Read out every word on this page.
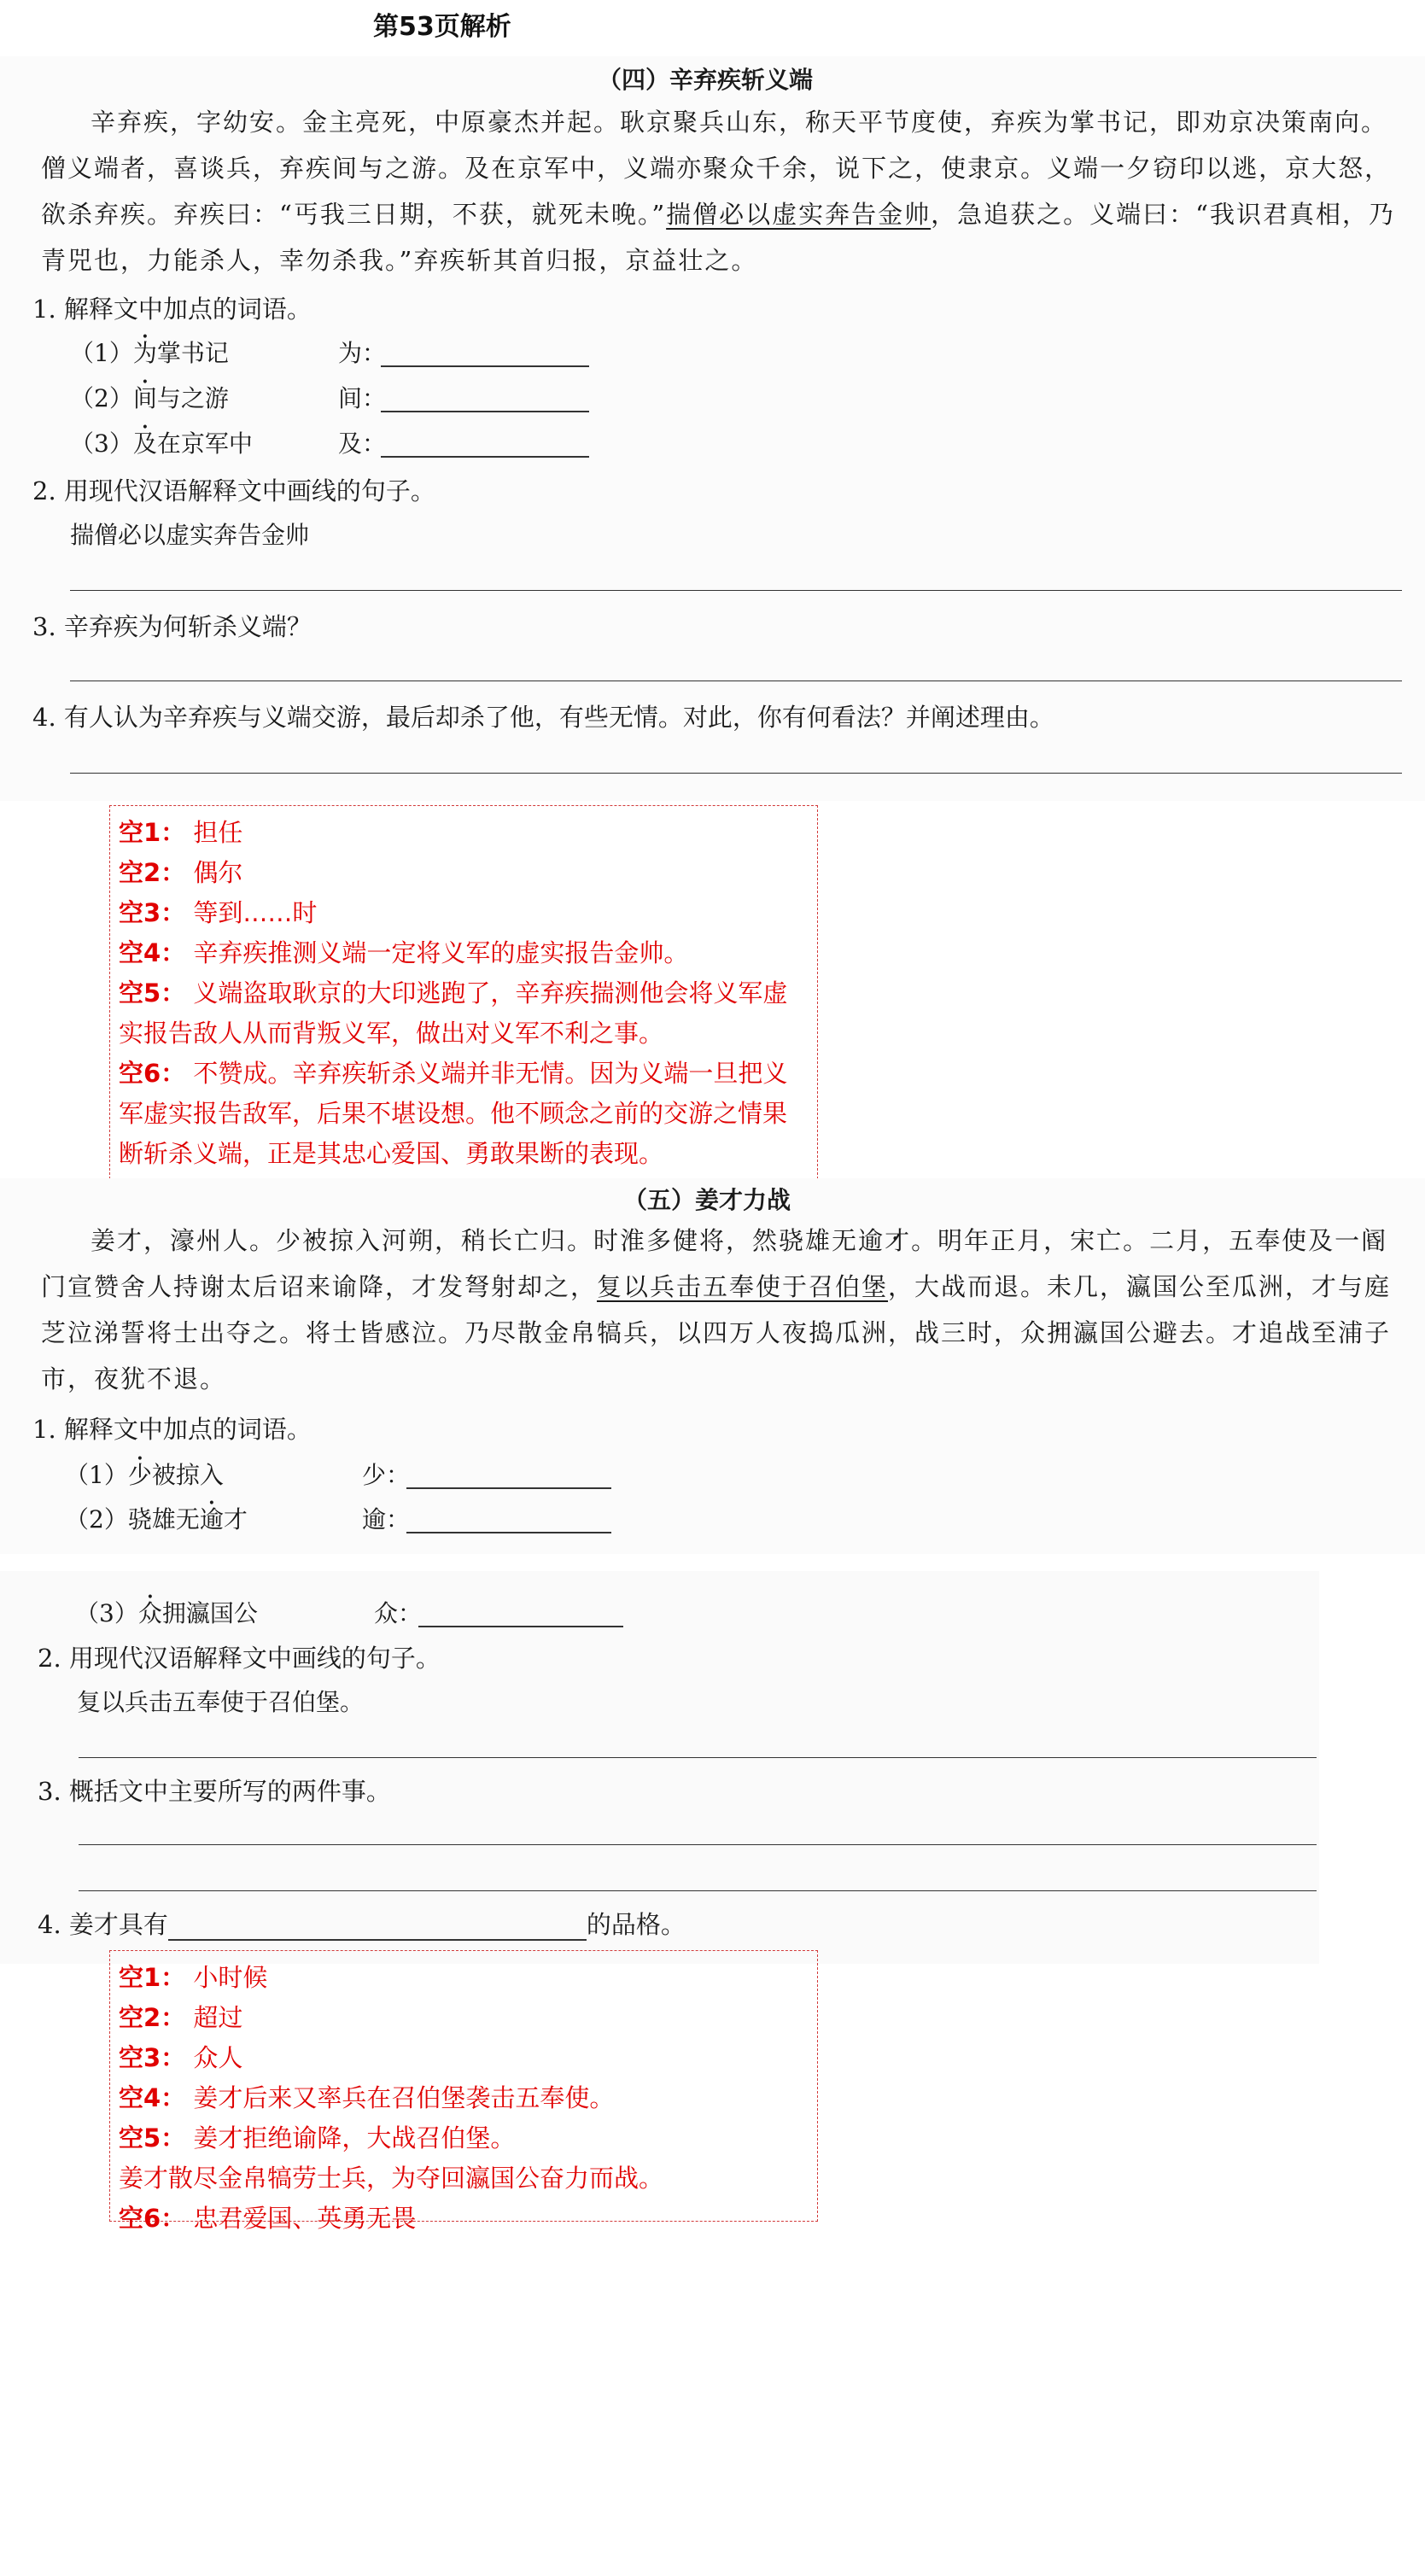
第53页解析
（四）辛弃疾斩义端

辛弃疾，字幼安。金主亮死，中原豪杰并起。耿京聚兵山东，称天平节度使，弃疾• 为掌书记，即劝京决策南向。僧义端者，喜谈兵，弃疾• 间与之游。• 及在京军中，义端亦聚众千余，说下之，使隶京。义端一夕窃印以逃，京大怒，欲杀弃疾。弃疾曰：“丐我三日期，不获，就死未晚。”揣僧必以虚实奔告金帅，急追获之。义端曰：“我识君真相，乃青兕也，力能杀人，幸勿杀我。”弃疾斩其首归报，京益壮之。

1. 解释文中加点的词语。
（1）为掌书记	为：
（2）间与之游	间：
（3）及在京军中	及：
2. 用现代汉语解释文中画线的句子。
揣僧必以虚实奔告金帅
3. 辛弃疾为何斩杀义端？
4. 有人认为辛弃疾与义端交游，最后却杀了他，有些无情。对此，你有何看法？并阐述理由。

空1： 担任

空2： 偶尔

空3： 等到……时

空4： 辛弃疾推测义端一定将义军的虚实报告金帅。

空5： 义端盗取耿京的大印逃跑了，辛弃疾揣测他会将义军虚实报告敌人从而背叛义军，做出对义军不利之事。

空6： 不赞成。辛弃疾斩杀义端并非无情。因为义端一旦把义军虚实报告敌军，后果不堪设想。他不顾念之前的交游之情果断斩杀义端，正是其忠心爱国、勇敢果断的表现。

（五）姜才力战

姜才，濠州人。• 少被掠入河朔，稍长亡归。时淮多健将，然骁雄无• 逾才。明年正月，宋亡。二月，五奉使及一阍门宣赞舍人持谢太后诏来谕降，才发弩射却之，复以兵击五奉使于召伯堡，大战而退。未几，瀛国公至瓜洲，才与庭芝泣涕誓将士出夺之。将士皆感泣。乃尽散金帛犒兵，以四万人夜捣瓜洲，战三时，• 众拥瀛国公避去。才追战至浦子市，夜犹不退。

1. 解释文中加点的词语。
（1）少被掠入	少：
（2）骁雄无逾才	逾：
（3）众拥瀛国公	众：
2. 用现代汉语解释文中画线的句子。
复以兵击五奉使于召伯堡。
3. 概括文中主要所写的两件事。
4. 姜才具有	的品格。

空1： 小时候

空2： 超过

空3： 众人

空4： 姜才后来又率兵在召伯堡袭击五奉使。

空5： 姜才拒绝谕降，大战召伯堡。

姜才散尽金帛犒劳士兵，为夺回瀛国公奋力而战。

空6： 忠君爱国、英勇无畏
